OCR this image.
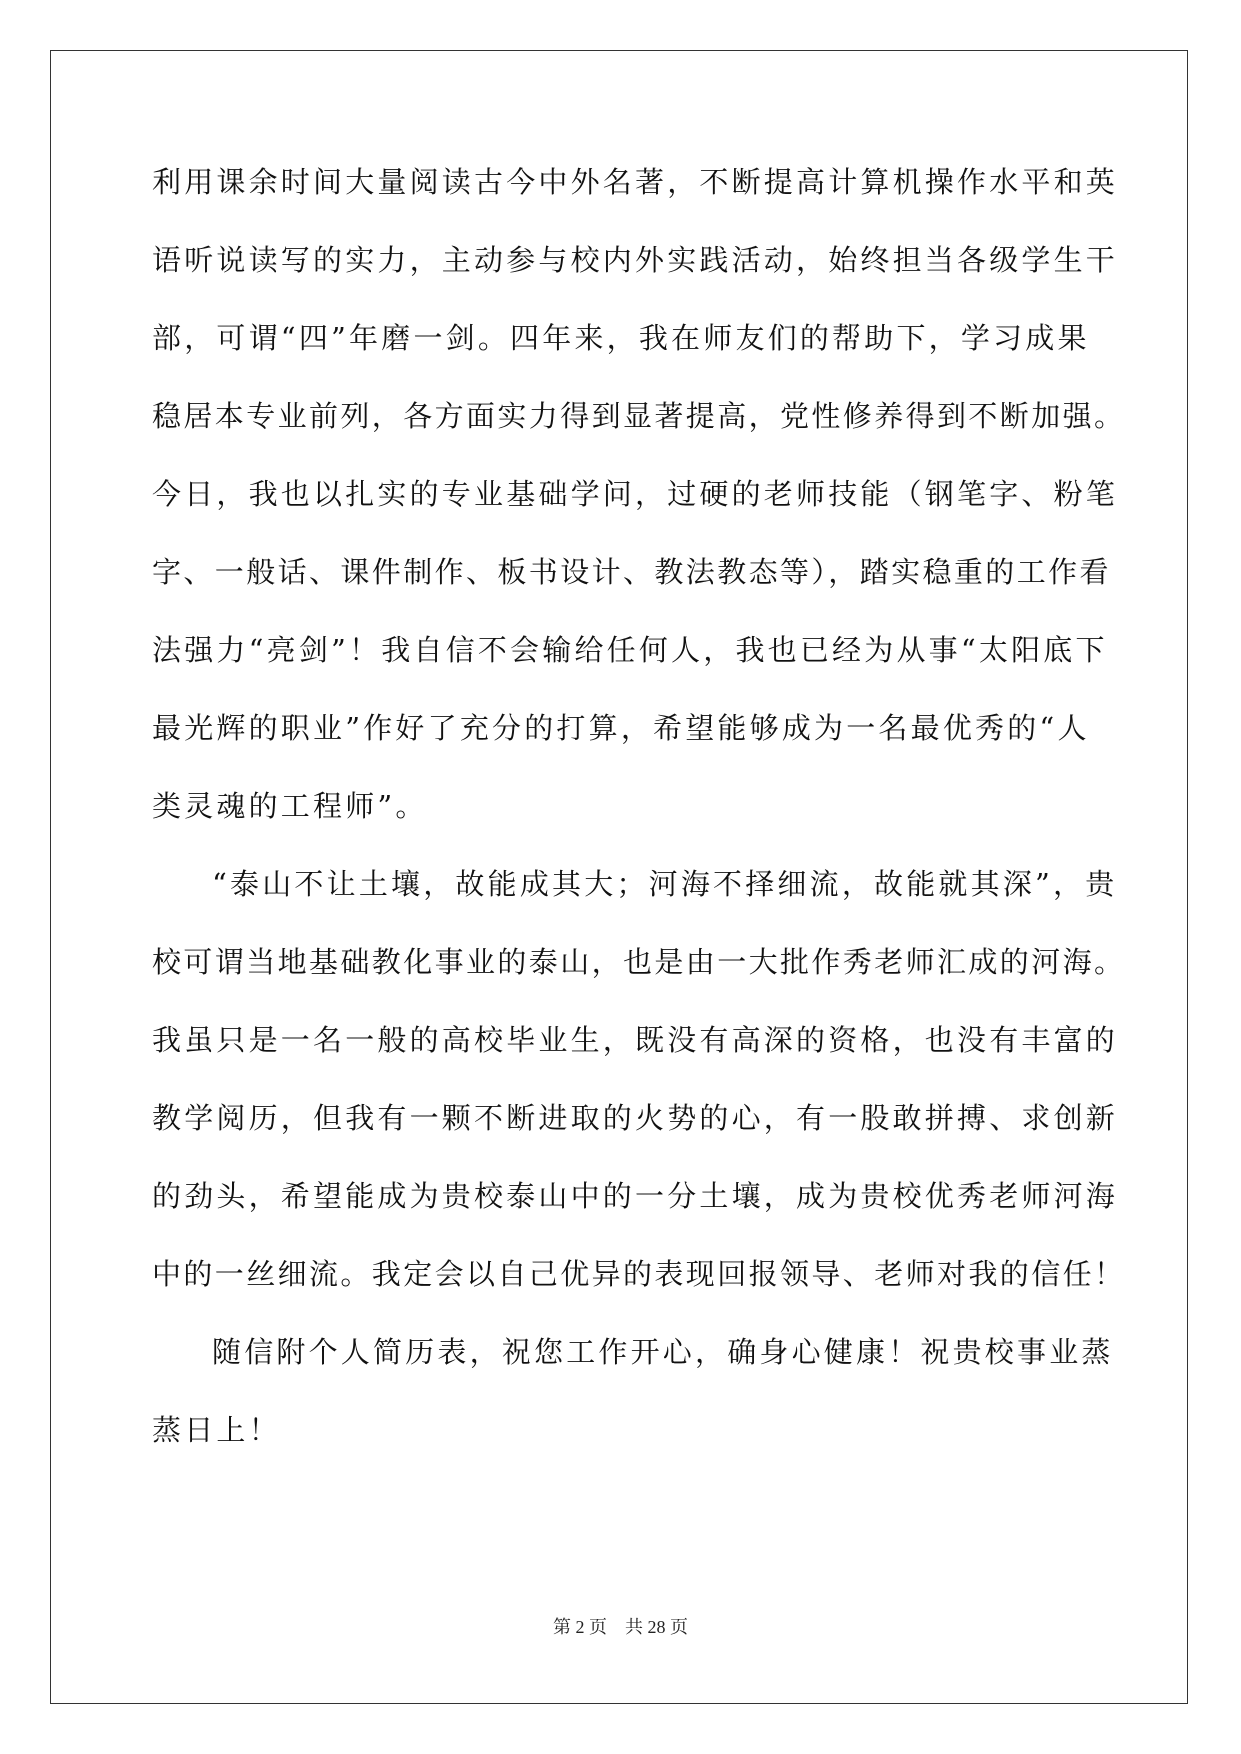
利用课余时间大量阅读古今中外名著，不断提高计算机操作水平和英
语听说读写的实力，主动参与校内外实践活动，始终担当各级学生干
部，可谓“四”年磨一剑。四年来，我在师友们的帮助下，学习成果
稳居本专业前列，各方面实力得到显著提高，党性修养得到不断加强。
今日，我也以扎实的专业基础学问，过硬的老师技能（钢笔字、粉笔
字、一般话、课件制作、板书设计、教法教态等），踏实稳重的工作看
法强力“亮剑”！我自信不会输给任何人，我也已经为从事“太阳底下
最光辉的职业”作好了充分的打算，希望能够成为一名最优秀的“人
类灵魂的工程师”。
“泰山不让土壤，故能成其大；河海不择细流，故能就其深”，贵
校可谓当地基础教化事业的泰山，也是由一大批作秀老师汇成的河海。
我虽只是一名一般的高校毕业生，既没有高深的资格，也没有丰富的
教学阅历，但我有一颗不断进取的火势的心，有一股敢拼搏、求创新
的劲头，希望能成为贵校泰山中的一分土壤，成为贵校优秀老师河海
中的一丝细流。我定会以自己优异的表现回报领导、老师对我的信任！
随信附个人简历表，祝您工作开心，确身心健康！祝贵校事业蒸
蒸日上！
第 2 页 共 28 页
